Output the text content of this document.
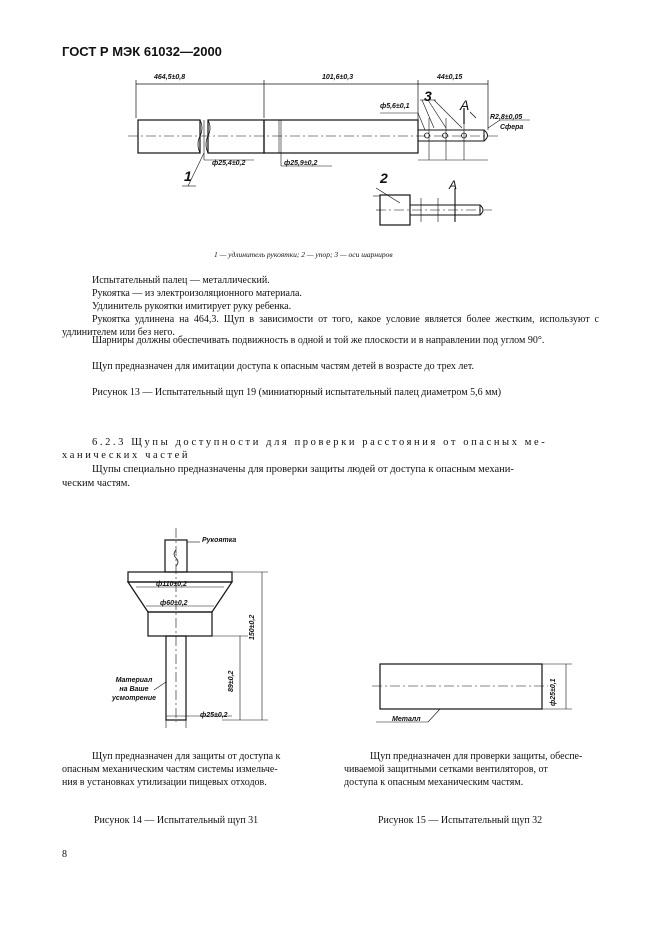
ГОСТ Р МЭК 61032—2000
464,5±0,8	101,6±0,3	44±0,15
ф5,6±0,1
R2,8±0,05
Сфера
ф25,4±0,2	ф25,9±0,2
1
3
A
2	A
1 — удлинитель рукоятки; 2 — упор; 3 — оси шарниров
Испытательный палец — металлический.
Рукоятка — из электроизоляционного материала.
Удлинитель рукоятки имитирует руку ребенка.
Рукоятка удлинена на 464,3. Щуп в зависимости от того, какое условие является более жестким, используют с удлинителем или без него.
Шарниры должны обеспечивать подвижность в одной и той же плоскости и в направлении под углом 90°.
Щуп предназначен для имитации доступа к опасным частям детей в возрасте до трех лет.
Рисунок 13 — Испытательный щуп 19 (миниатюрный испытательный палец диаметром 5,6 мм)
6.2.3 Щупы доступности для проверки расстояния от опасных ме-
ханических частей
Щупы специально предназначены для проверки защиты людей от доступа к опасным механи-
ческим частям.
Рукоятка
ф110±0,2
ф60±0,2
150±0,2
89±0,2
ф25±0,2
Материал на Ваше усмотрение	ф25±0,1
Металл
Щуп предназначен для защиты от доступа к
опасным механическим частям системы измельче-
ния в установках утилизации пищевых отходов.
Рисунок 14 — Испытательный щуп 31
Щуп предназначен для проверки защиты, обеспе-
чиваемой защитными сетками вентиляторов, от
доступа к опаcным механическим частям.
Рисунок 15 — Испытательный щуп 32
8
